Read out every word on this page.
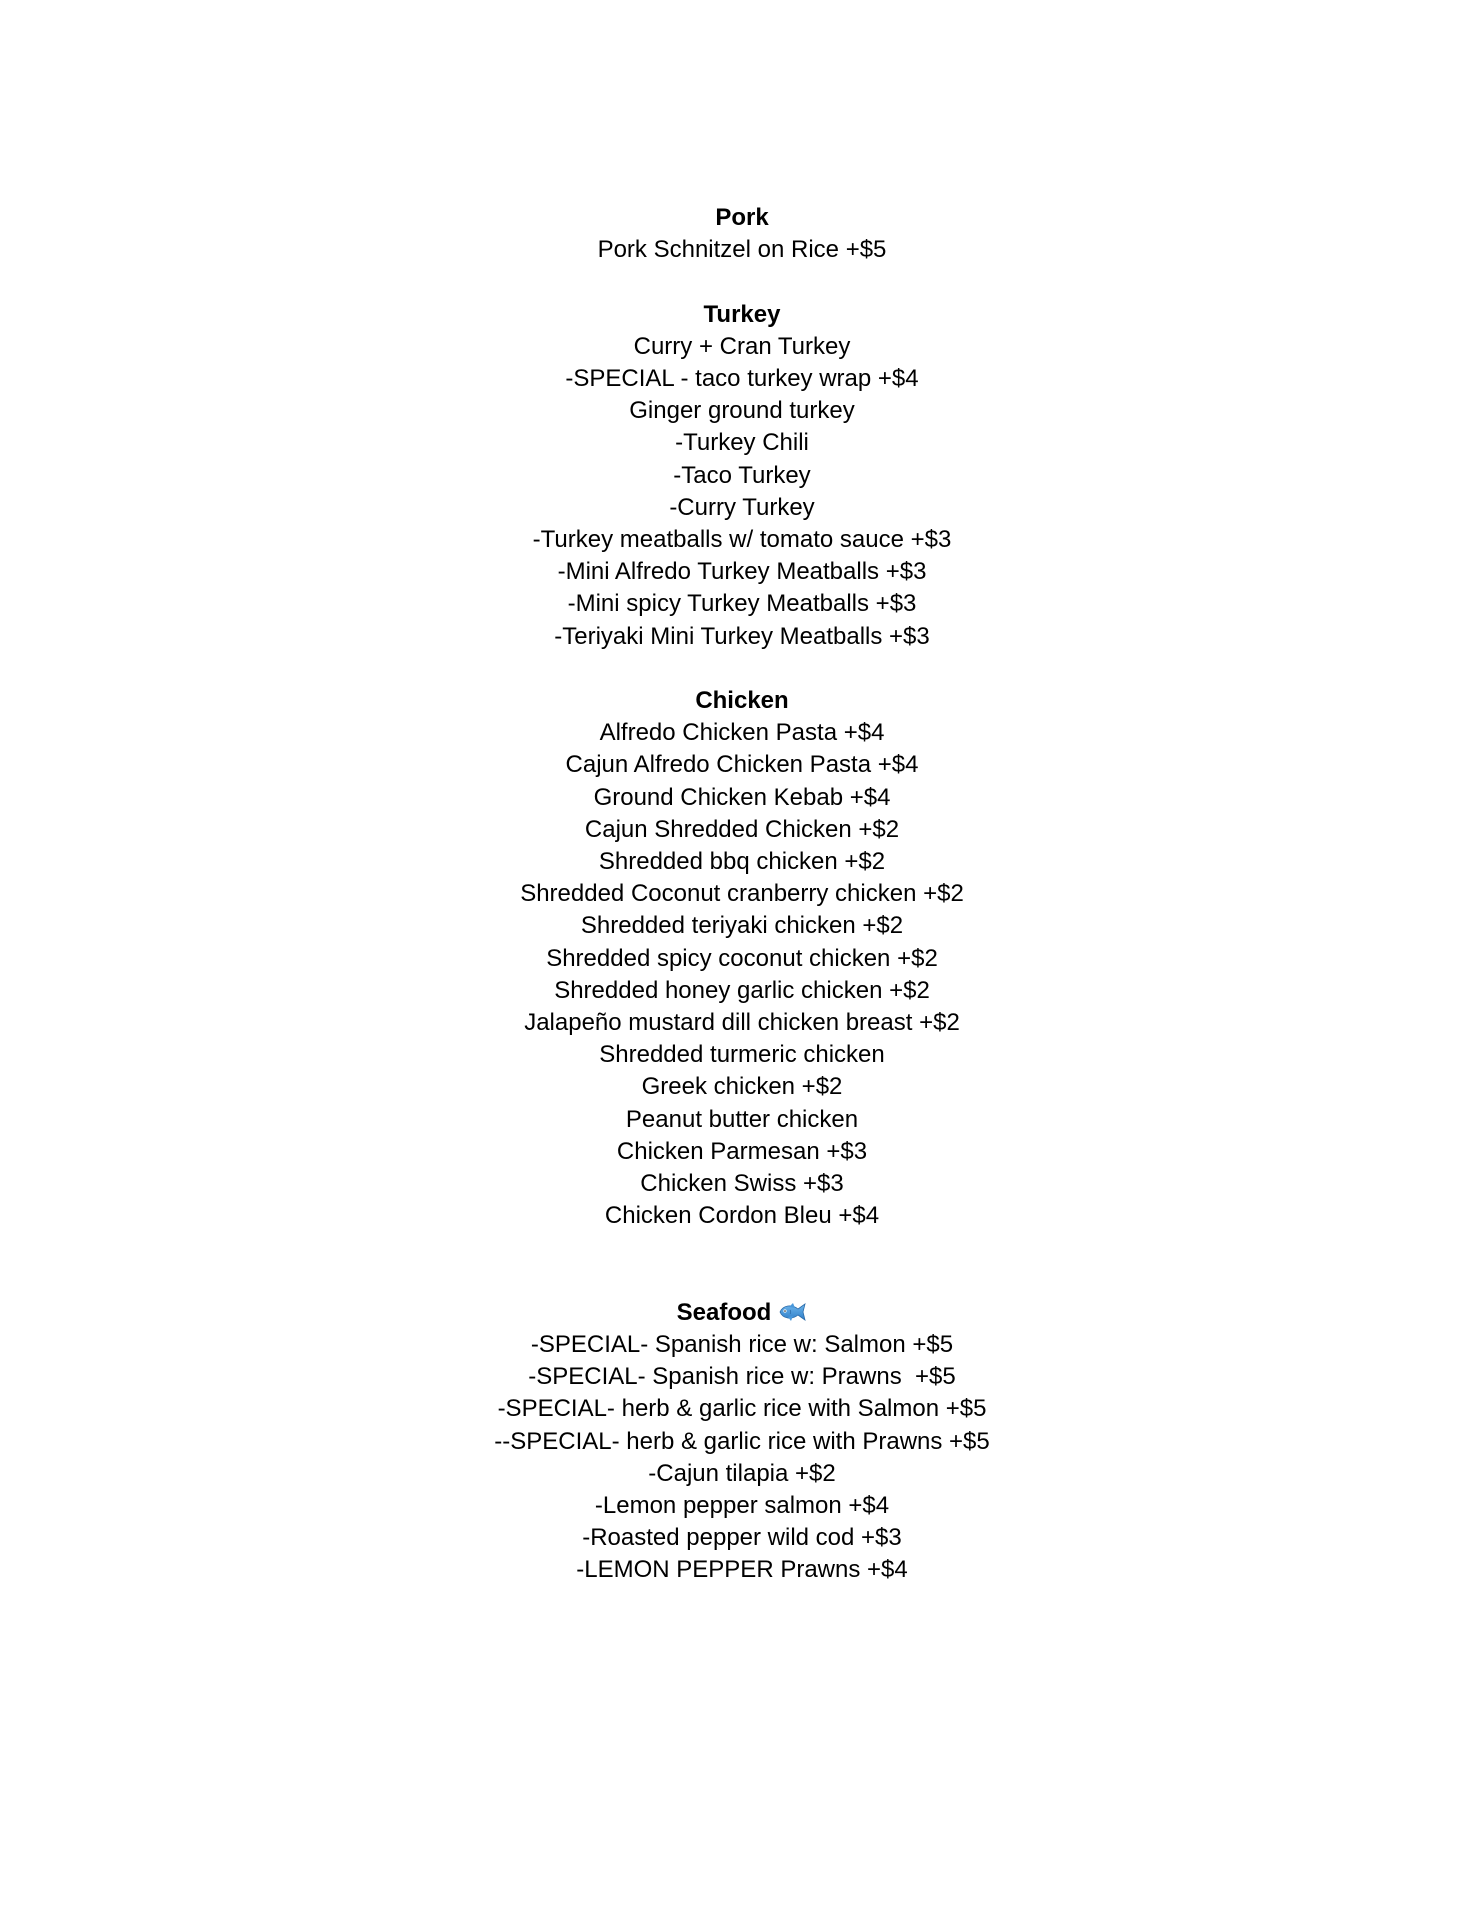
Pork
Pork Schnitzel on Rice +$5
Turkey
Curry + Cran Turkey
-SPECIAL - taco turkey wrap +$4
Ginger ground turkey
-Turkey Chili
-Taco Turkey
-Curry Turkey
-Turkey meatballs w/ tomato sauce +$3
-Mini Alfredo Turkey Meatballs +$3
-Mini spicy Turkey Meatballs +$3
-Teriyaki Mini Turkey Meatballs +$3
Chicken
Alfredo Chicken Pasta +$4
Cajun Alfredo Chicken Pasta +$4
Ground Chicken Kebab +$4
Cajun Shredded Chicken +$2
Shredded bbq chicken +$2
Shredded Coconut cranberry chicken +$2
Shredded teriyaki chicken +$2
Shredded spicy coconut chicken +$2
Shredded honey garlic chicken +$2
Jalapeño mustard dill chicken breast +$2
Shredded turmeric chicken
Greek chicken +$2
Peanut butter chicken
Chicken Parmesan +$3
Chicken Swiss +$3
Chicken Cordon Bleu +$4
Seafood
-SPECIAL- Spanish rice w: Salmon +$5
-SPECIAL- Spanish rice w: Prawns  +$5
-SPECIAL- herb & garlic rice with Salmon +$5
--SPECIAL- herb & garlic rice with Prawns +$5
-Cajun tilapia +$2
-Lemon pepper salmon +$4
-Roasted pepper wild cod +$3
-LEMON PEPPER Prawns +$4
